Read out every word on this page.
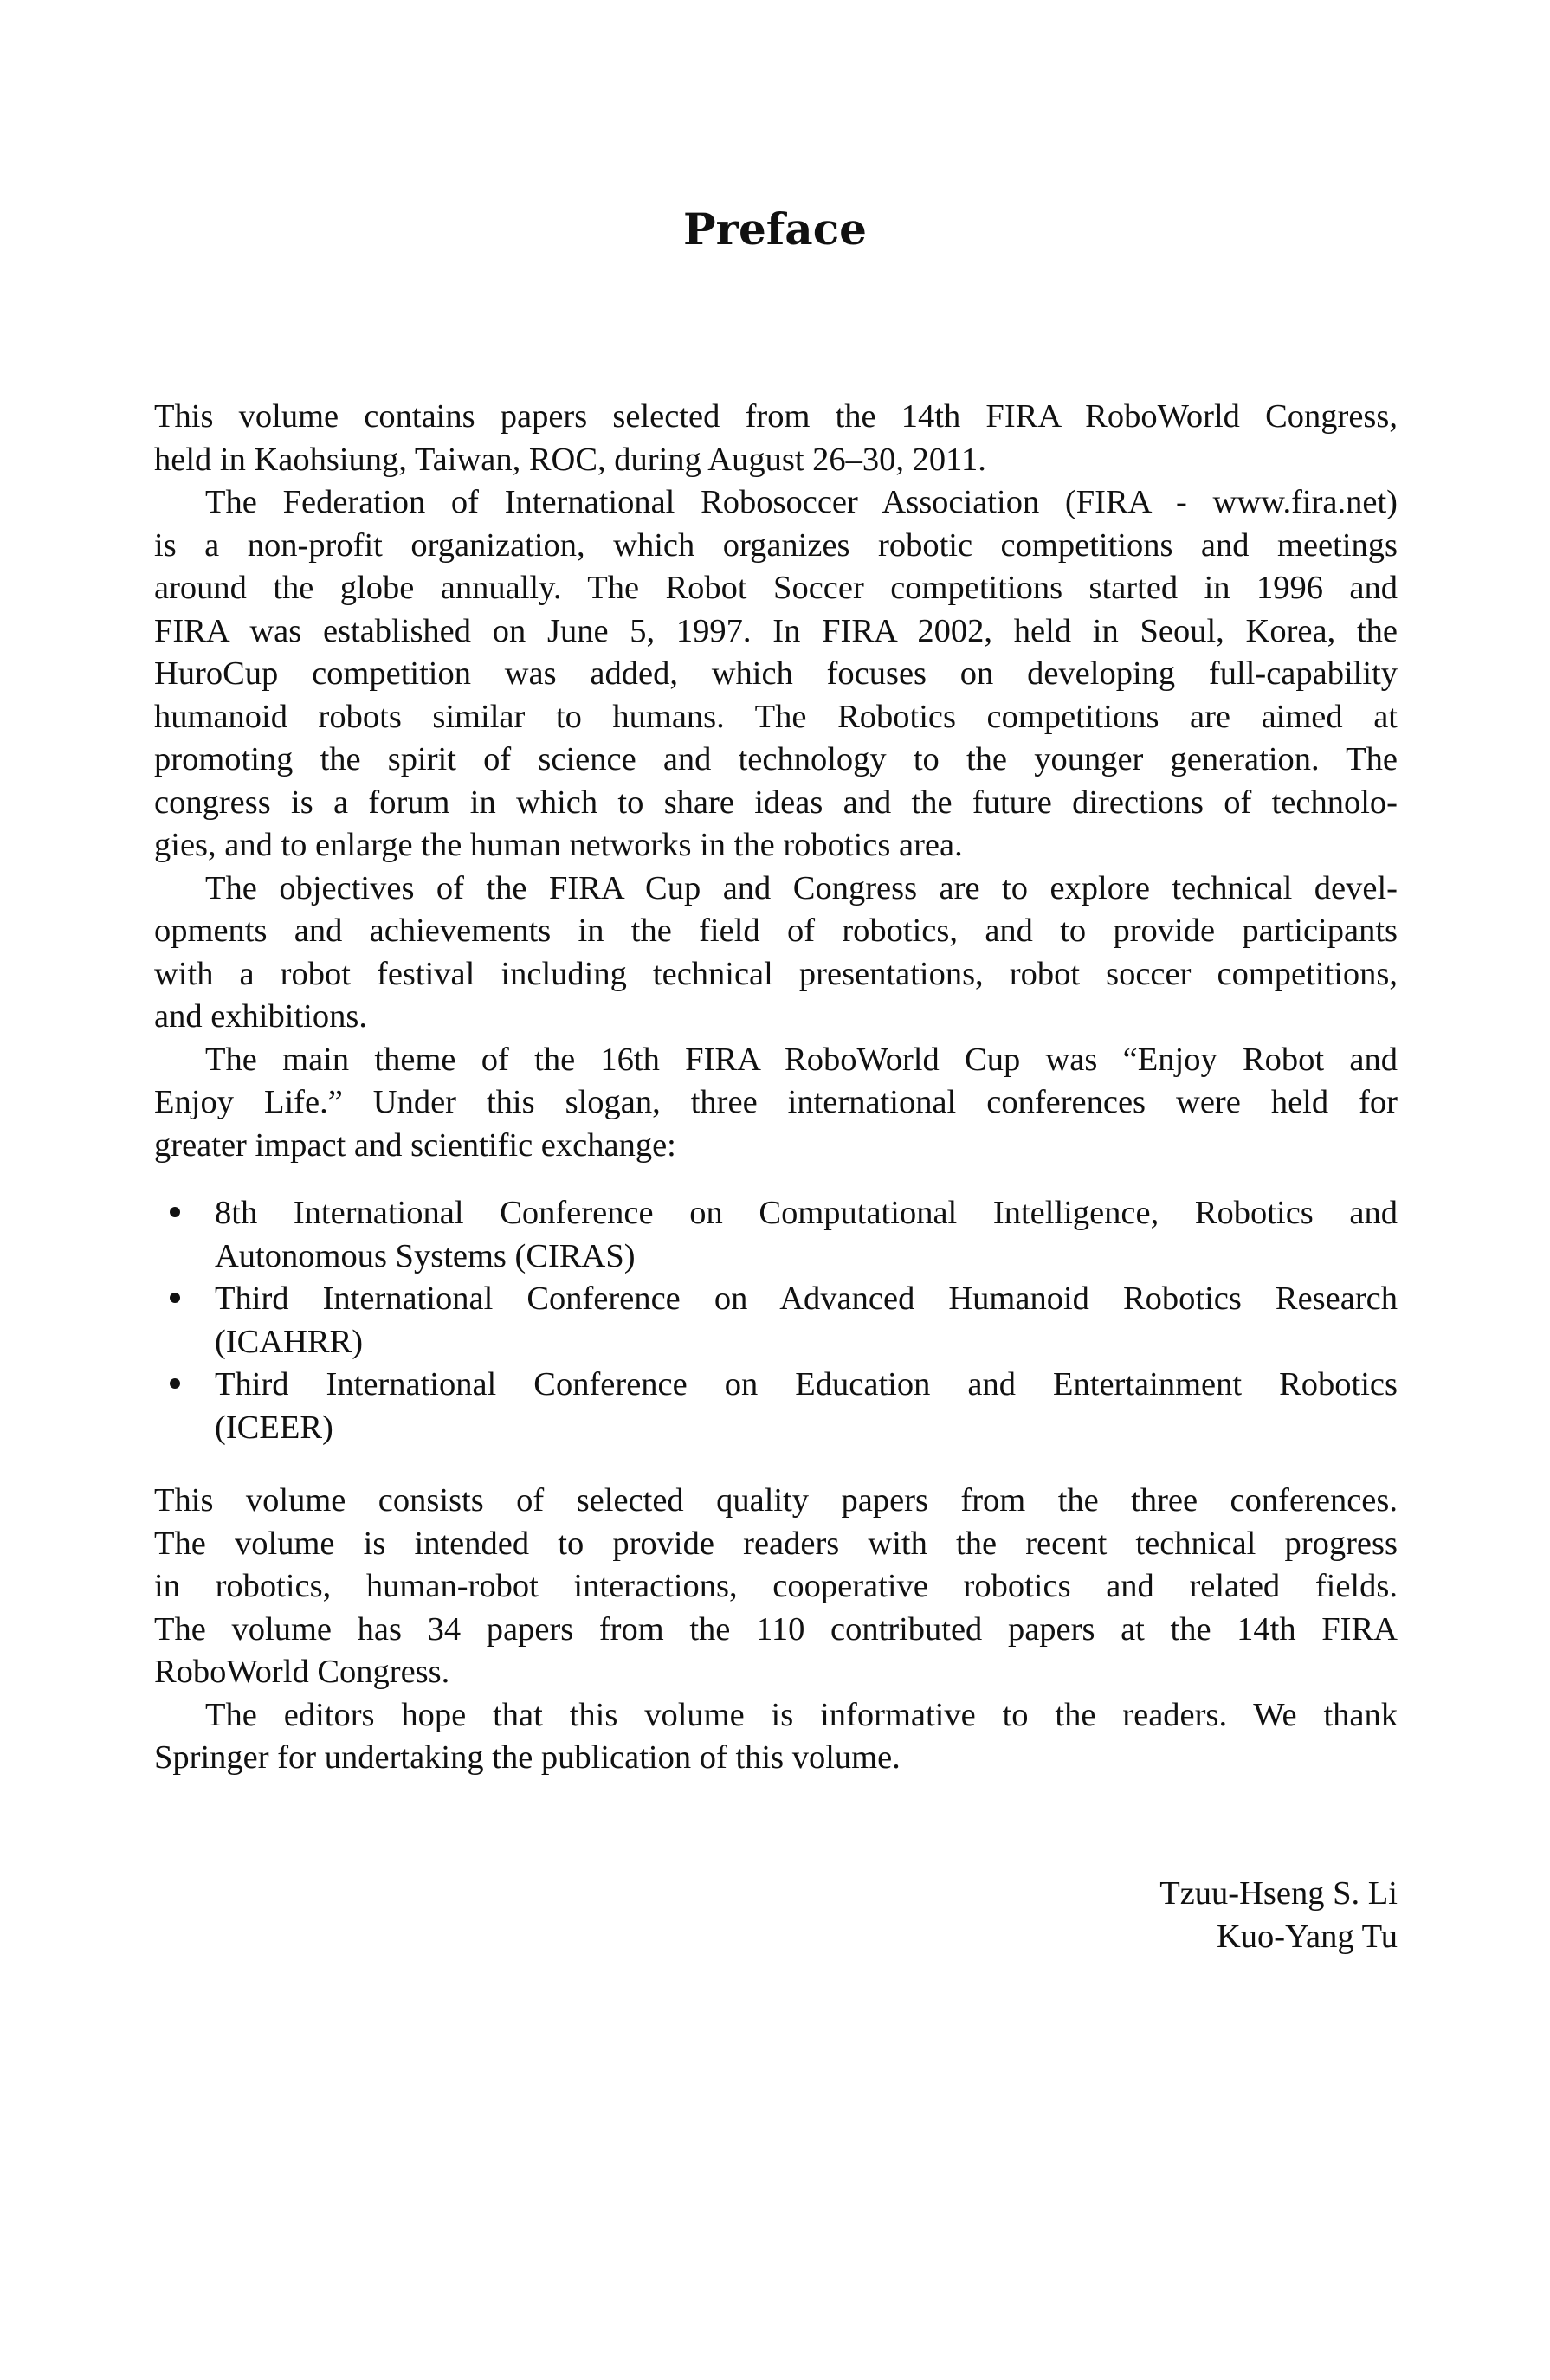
Preface
This volume contains papers selected from the 14th FIRA RoboWorld Congress,
held in Kaohsiung, Taiwan, ROC, during August 26–30, 2011.
The Federation of International Robosoccer Association (FIRA - www.fira.net)
is a non-profit organization, which organizes robotic competitions and meetings
around the globe annually. The Robot Soccer competitions started in 1996 and
FIRA was established on June 5, 1997. In FIRA 2002, held in Seoul, Korea, the
HuroCup competition was added, which focuses on developing full-capability
humanoid robots similar to humans. The Robotics competitions are aimed at
promoting the spirit of science and technology to the younger generation. The
congress is a forum in which to share ideas and the future directions of technolo-
gies, and to enlarge the human networks in the robotics area.
The objectives of the FIRA Cup and Congress are to explore technical devel-
opments and achievements in the field of robotics, and to provide participants
with a robot festival including technical presentations, robot soccer competitions,
and exhibitions.
The main theme of the 16th FIRA RoboWorld Cup was “Enjoy Robot and
Enjoy Life.” Under this slogan, three international conferences were held for
greater impact and scientific exchange:
8th International Conference on Computational Intelligence, Robotics and
Autonomous Systems (CIRAS)
Third International Conference on Advanced Humanoid Robotics Research
(ICAHRR)
Third International Conference on Education and Entertainment Robotics
(ICEER)
This volume consists of selected quality papers from the three conferences.
The volume is intended to provide readers with the recent technical progress
in robotics, human-robot interactions, cooperative robotics and related fields.
The volume has 34 papers from the 110 contributed papers at the 14th FIRA
RoboWorld Congress.
The editors hope that this volume is informative to the readers. We thank
Springer for undertaking the publication of this volume.
Tzuu-Hseng S. Li
Kuo-Yang Tu
